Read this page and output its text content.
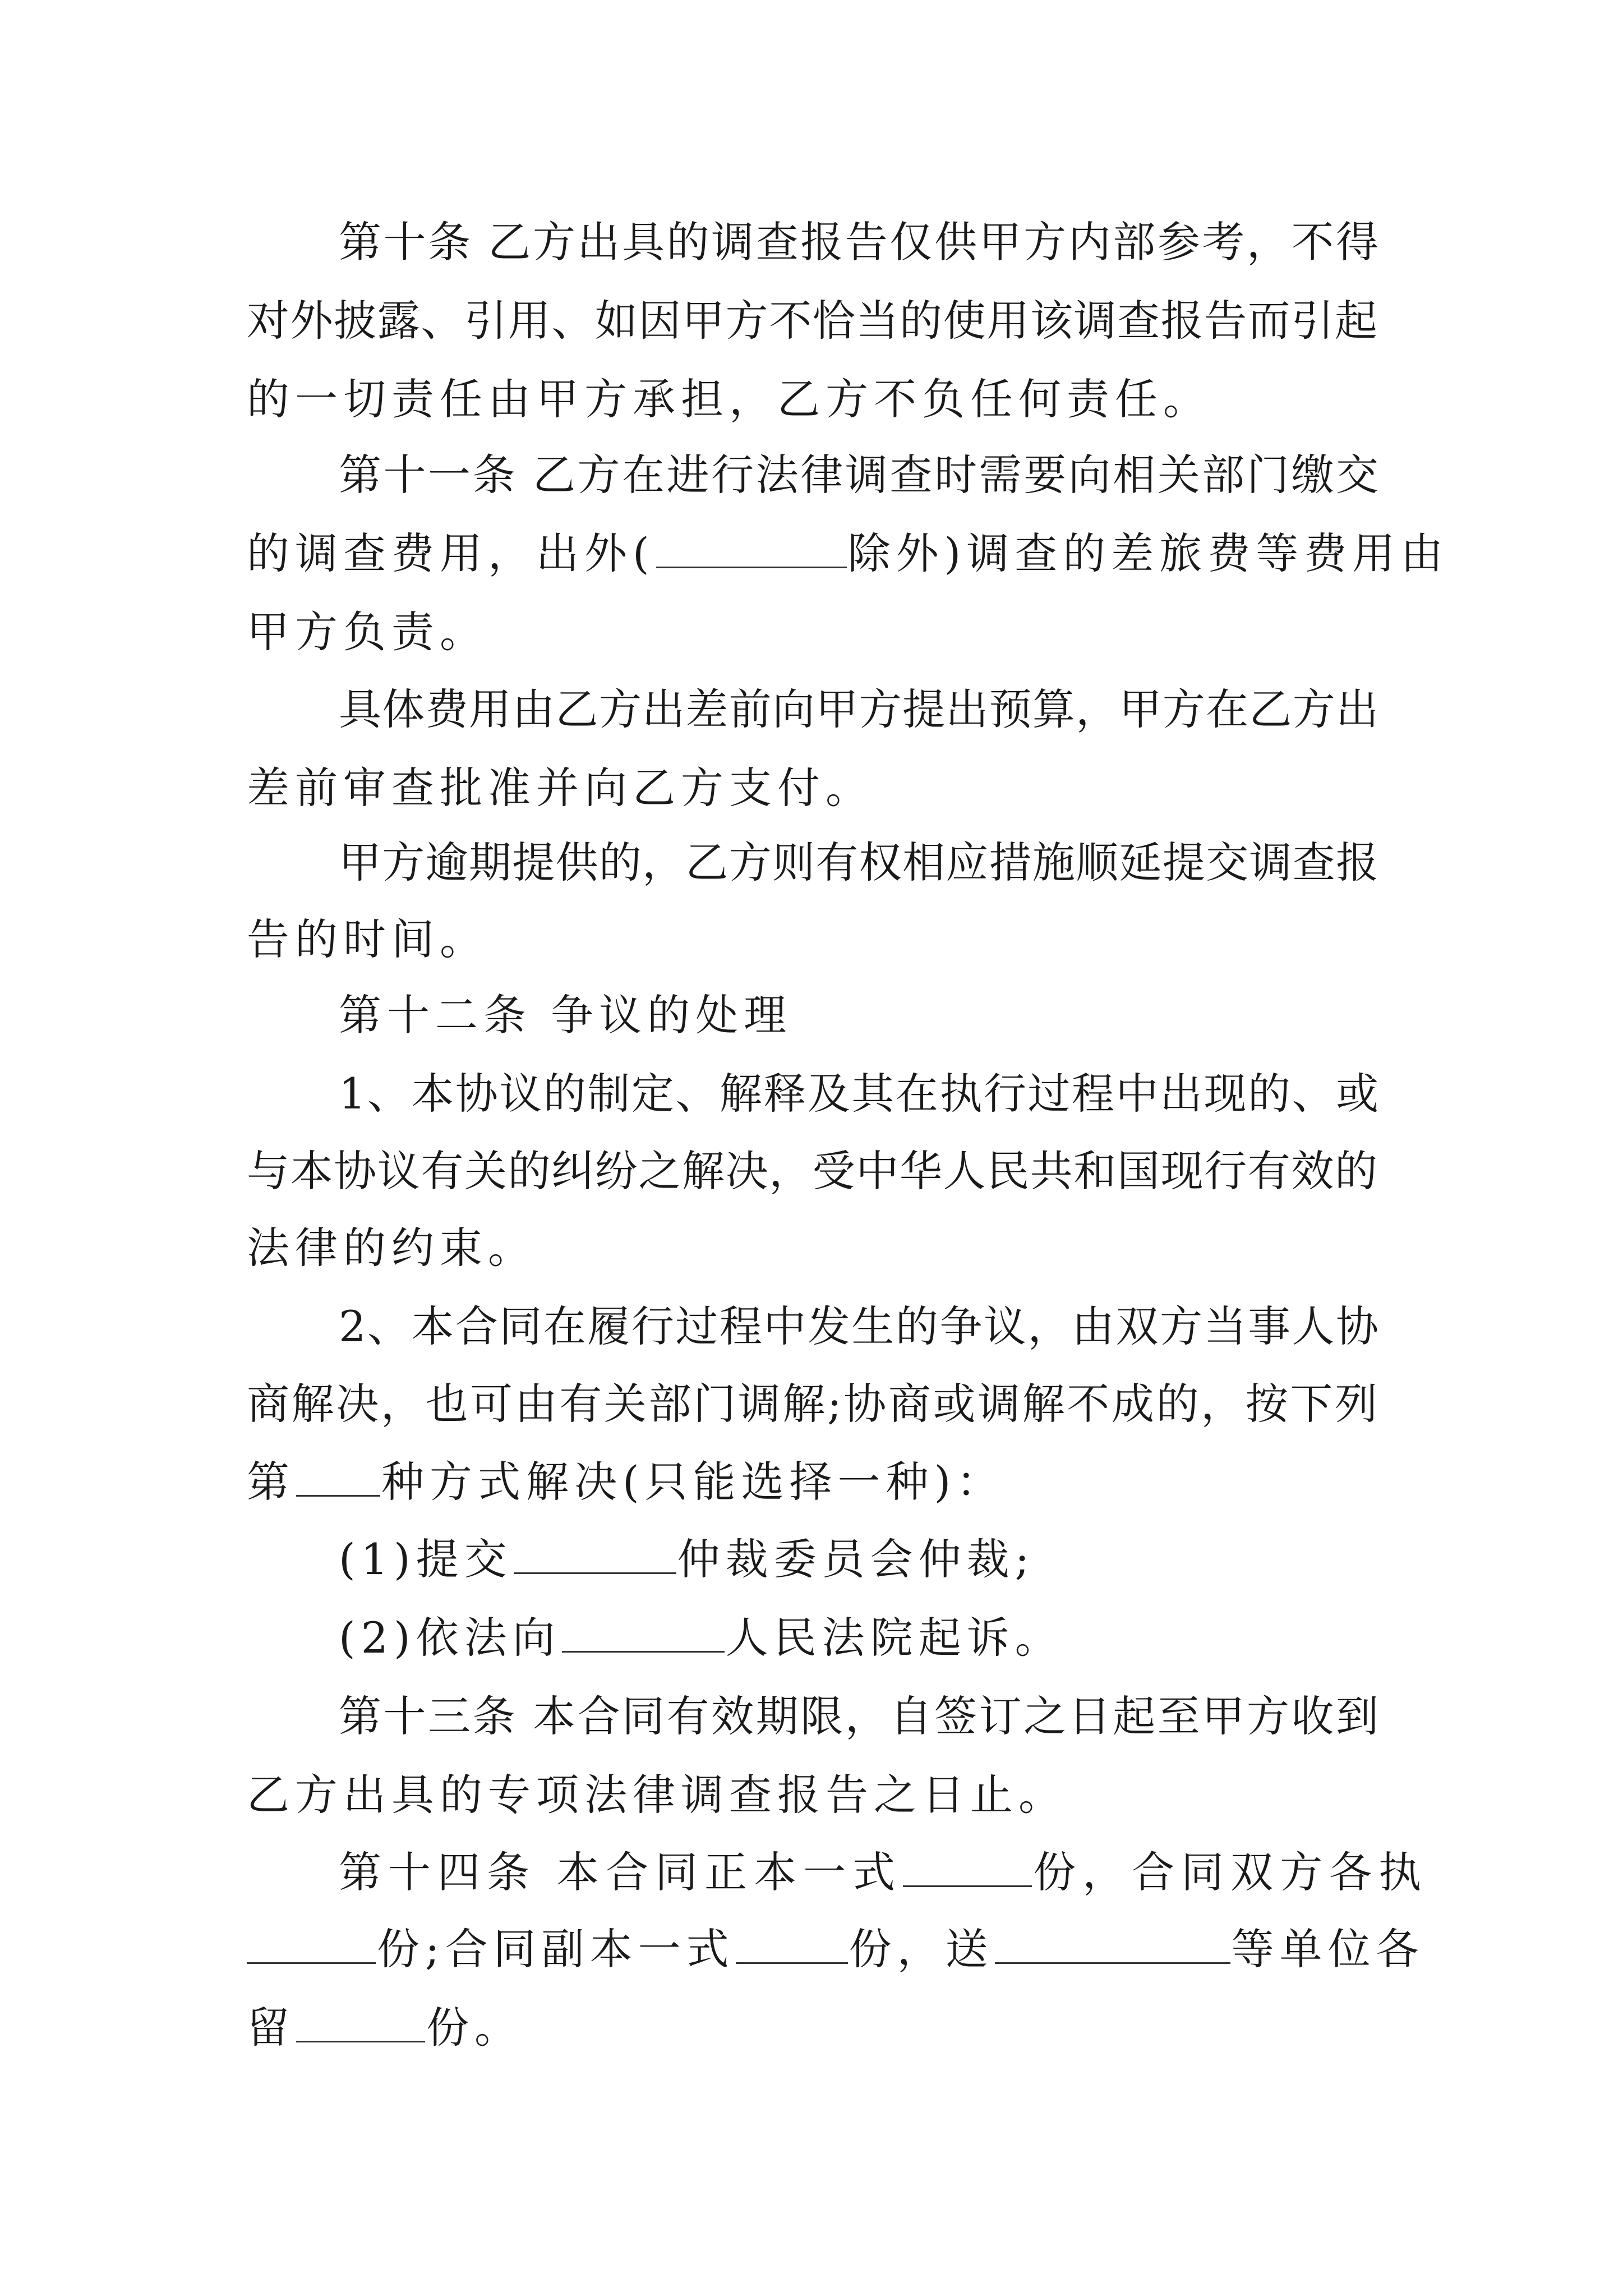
第十条 乙方出具的调查报告仅供甲方内部参考，不得
对外披露、引用、如因甲方不恰当的使用该调查报告而引起
的一切责任由甲方承担，乙方不负任何责任。
第十一条 乙方在进行法律调查时需要向相关部门缴交
的调查费用，出外(	除外)调查的差旅费等费用由
甲方负责。
具体费用由乙方出差前向甲方提出预算，甲方在乙方出
差前审查批准并向乙方支付。
甲方逾期提供的，乙方则有权相应措施顺延提交调查报
告的时间。
第十二条 争议的处理
1、本协议的制定、解释及其在执行过程中出现的、或
与本协议有关的纠纷之解决，受中华人民共和国现行有效的
法律的约束。
2、本合同在履行过程中发生的争议，由双方当事人协
商解决，也可由有关部门调解;协商或调解不成的，按下列
第 种方式解决(只能选择一种)：
(1)提交	仲裁委员会仲裁;
(2)依法向	人民法院起诉。
第十三条 本合同有效期限，自签订之日起至甲方收到
乙方出具的专项法律调查报告之日止。
第十四条 本合同正本一式	份，合同双方各执
份;合同副本一式	份，送	等单位各
留	份。
